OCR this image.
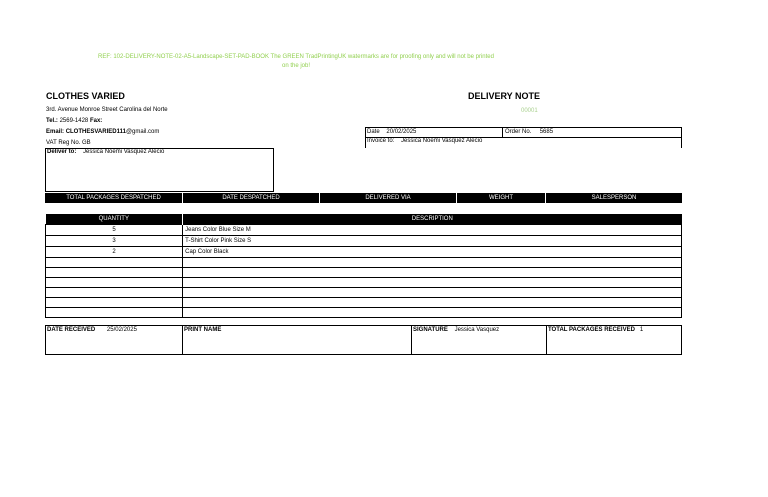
REF: 102-DELIVERY-NOTE-02-A5-Landscape-SET-PAD-BOOK The GREEN TradPrintingUK watermarks are for proofing only and will not be printed on the job!
CLOTHES VARIED
3rd. Avenue Monroe Street Carolina del Norte
Tel.: 2569-1428 Fax:
Email: CLOTHESVARIED111@gmail.com
VAT Reg No. GB
DELIVERY NOTE
00001
Date 20/02/2025	Order No. 5685
Invoice to: Jessica Noemi Vasquez Alecio
Deliver to: Jessica Noemi Vasquez Alecio
TOTAL PACKAGES DESPATCHED	DATE DESPATCHED	DELIVERED VIA	WEIGHT	SALESPERSON
QUANTITY	DESCRIPTION
5	Jeans Color Blue Size M
3	T-Shirt Color Pink Size S
2	Cap Color Black

DATE RECEIVED 25/02/2025	PRINT NAME	SIGNATURE Jessica Vasquez	TOTAL PACKAGES RECEIVED 1
